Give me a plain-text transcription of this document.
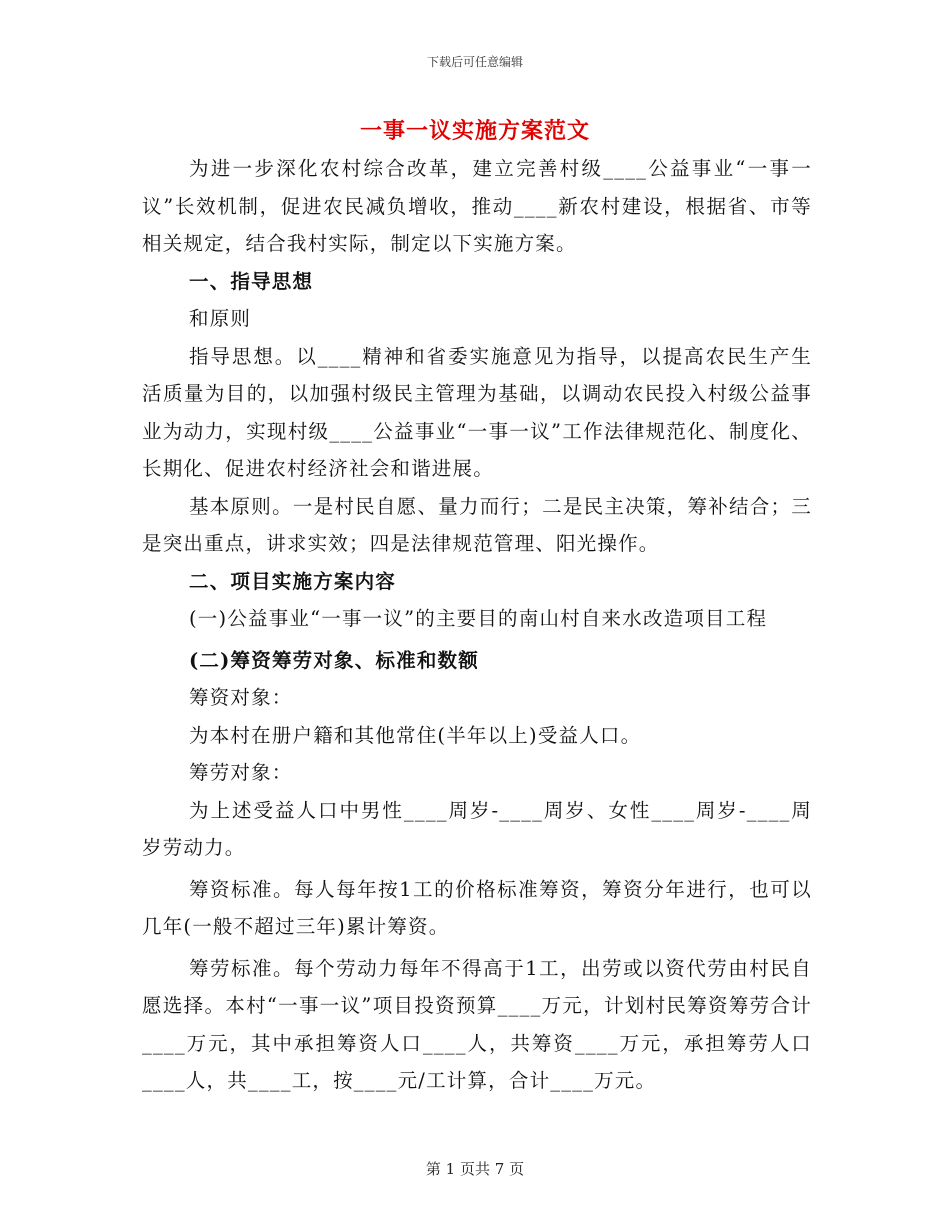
下载后可任意编辑
一事一议实施方案范文

为进一步深化农村综合改革，建立完善村级____公益事业“一事一议”长效机制，促进农民减负增收，推动____新农村建设，根据省、市等相关规定，结合我村实际，制定以下实施方案。

一、指导思想

和原则

指导思想。以____精神和省委实施意见为指导，以提高农民生产生活质量为目的，以加强村级民主管理为基础，以调动农民投入村级公益事业为动力，实现村级____公益事业“一事一议”工作法律规范化、制度化、长期化、促进农村经济社会和谐进展。

基本原则。一是村民自愿、量力而行；二是民主决策，筹补结合；三是突出重点，讲求实效；四是法律规范管理、阳光操作。

二、项目实施方案内容

(一)公益事业“一事一议”的主要目的南山村自来水改造项目工程

(二)筹资筹劳对象、标准和数额

筹资对象：

为本村在册户籍和其他常住(半年以上)受益人口。

筹劳对象：

为上述受益人口中男性____周岁-____周岁、女性____周岁-____周岁劳动力。

筹资标准。每人每年按1工的价格标准筹资，筹资分年进行，也可以几年(一般不超过三年)累计筹资。

筹劳标准。每个劳动力每年不得高于1工，出劳或以资代劳由村民自愿选择。本村“一事一议”项目投资预算____万元，计划村民筹资筹劳合计____万元，其中承担筹资人口____人，共筹资____万元，承担筹劳人口____人，共____工，按____元/工计算，合计____万元。

第 1 页共 7 页
